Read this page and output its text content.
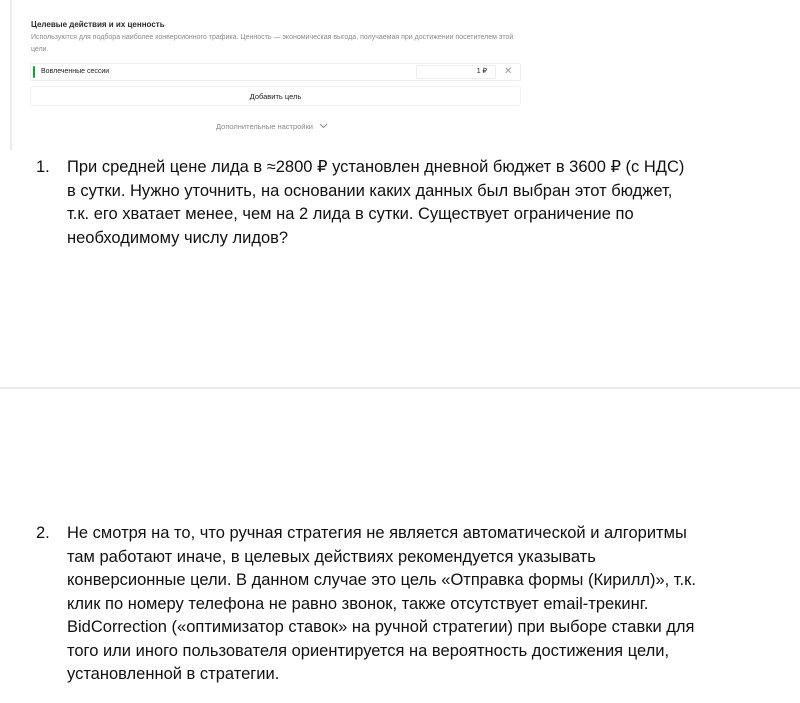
Целевые действия и их ценность
Используются для подбора наиболее конверсионного трафика. Ценность — экономическая выгода, получаемая при достижении посетителем этой цели.
Вовлеченные сессии	1 ₽	✕
Добавить цель
Дополнительные настройки
1. При средней цене лида в ≈2800 ₽ установлен дневной бюджет в 3600 ₽ (с НДС)
в сутки. Нужно уточнить, на основании каких данных был выбран этот бюджет,
т.к. его хватает менее, чем на 2 лида в сутки. Существует ограничение по
необходимому числу лидов?
2. Не смотря на то, что ручная стратегия не является автоматической и алгоритмы
там работают иначе, в целевых действиях рекомендуется указывать
конверсионные цели. В данном случае это цель «Отправка формы (Кирилл)», т.к.
клик по номеру телефона не равно звонок, также отсутствует email-трекинг.
BidCorrection («оптимизатор ставок» на ручной стратегии) при выборе ставки для
того или иного пользователя ориентируется на вероятность достижения цели,
установленной в стратегии.
